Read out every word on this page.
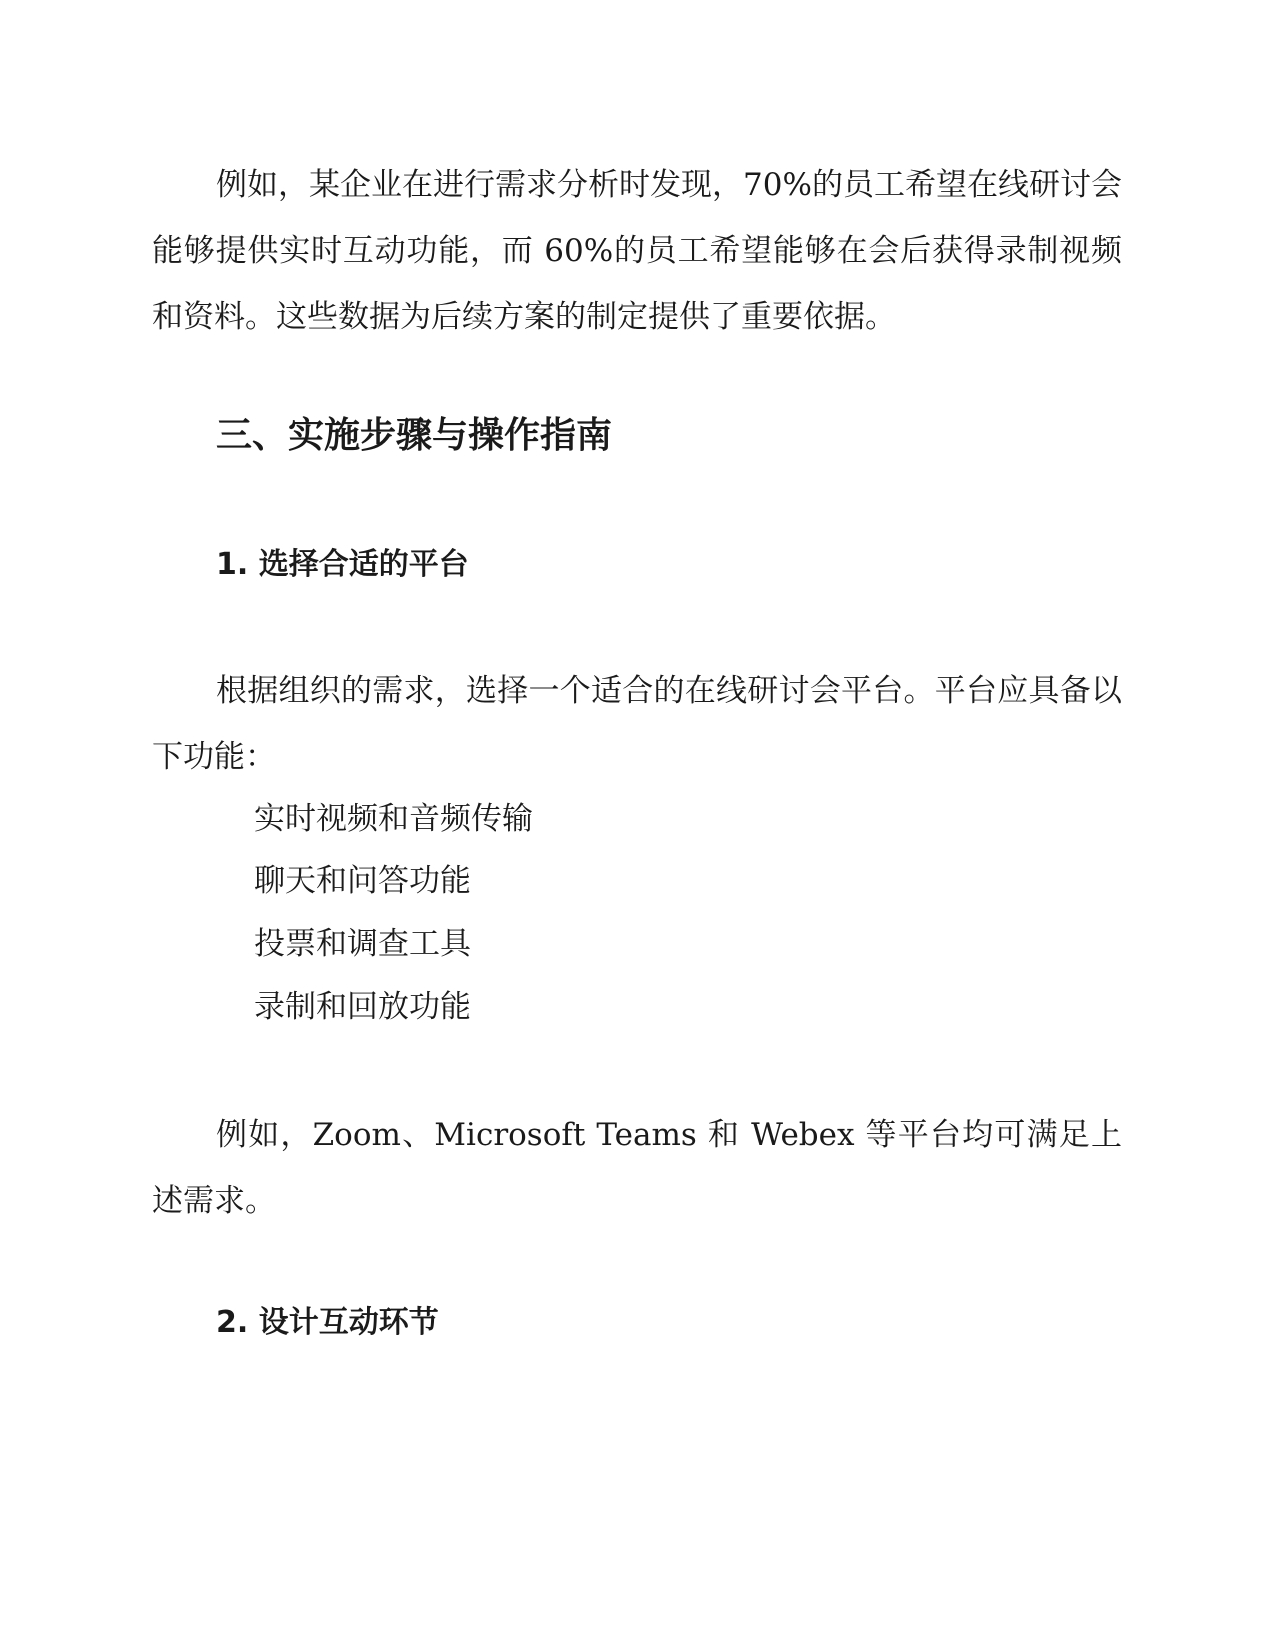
例如，某企业在进行需求分析时发现，70%的员工希望在线研讨会能够提供实时互动功能，而 60%的员工希望能够在会后获得录制视频和资料。这些数据为后续方案的制定提供了重要依据。

三、实施步骤与操作指南
1. 选择合适的平台

根据组织的需求，选择一个适合的在线研讨会平台。平台应具备以下功能：

实时视频和音频传输
聊天和问答功能
投票和调查工具
录制和回放功能

例如，Zoom、Microsoft Teams 和 Webex 等平台均可满足上述需求。

2. 设计互动环节
